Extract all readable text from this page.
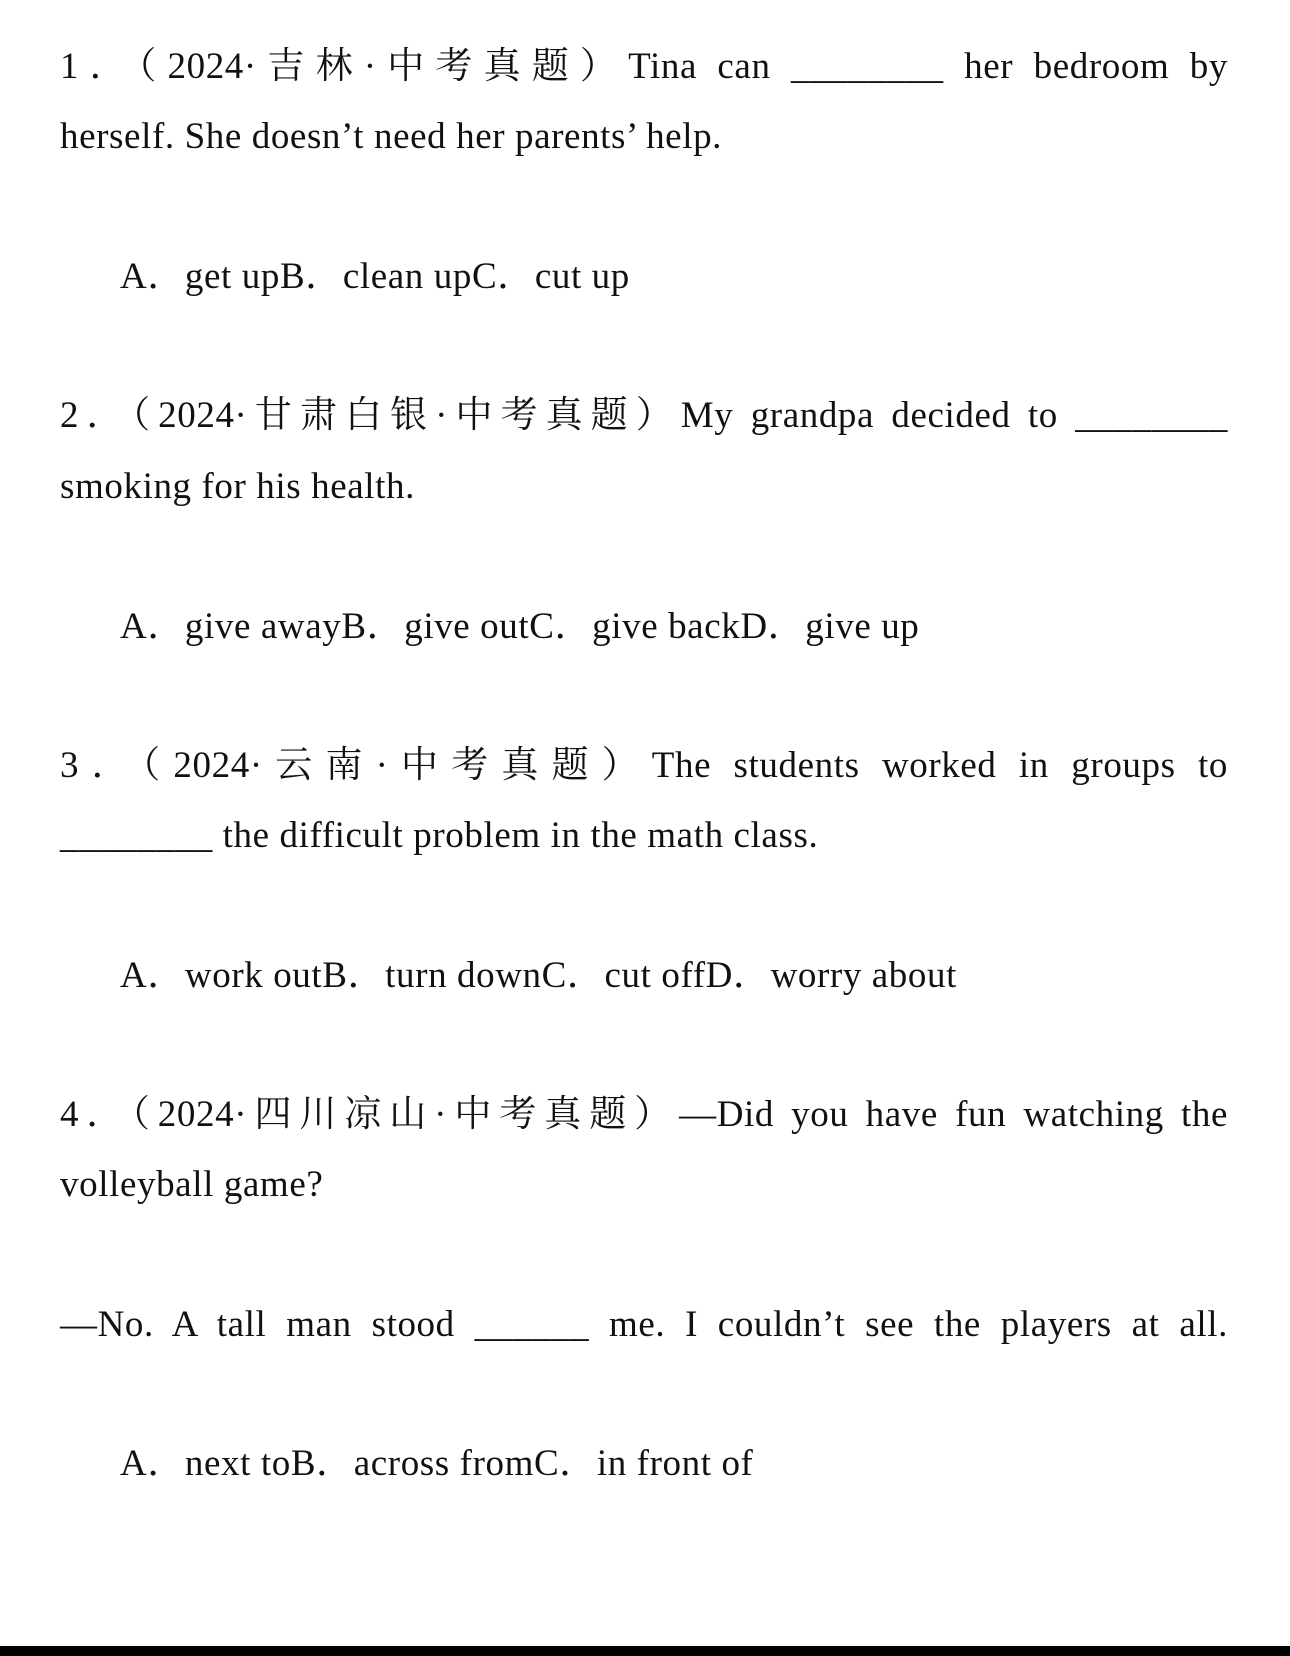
1．（2024·吉林·中考真题）Tina can ________ her bedroom by
herself. She doesn’t need her parents’ help.
A．get upB．clean upC．cut up
2．（2024·甘肃白银·中考真题）My grandpa decided to ________
smoking for his health.
A．give awayB．give outC．give backD．give up
3．（2024·云南·中考真题）The students worked in groups to
________ the difficult problem in the math class.
A．work outB．turn downC．cut offD．worry about
4．（2024·四川凉山·中考真题）—Did you have fun watching the
volleyball game?
—No. A tall man stood ______ me. I couldn’t see the players at all.
A．next toB．across fromC．in front of
